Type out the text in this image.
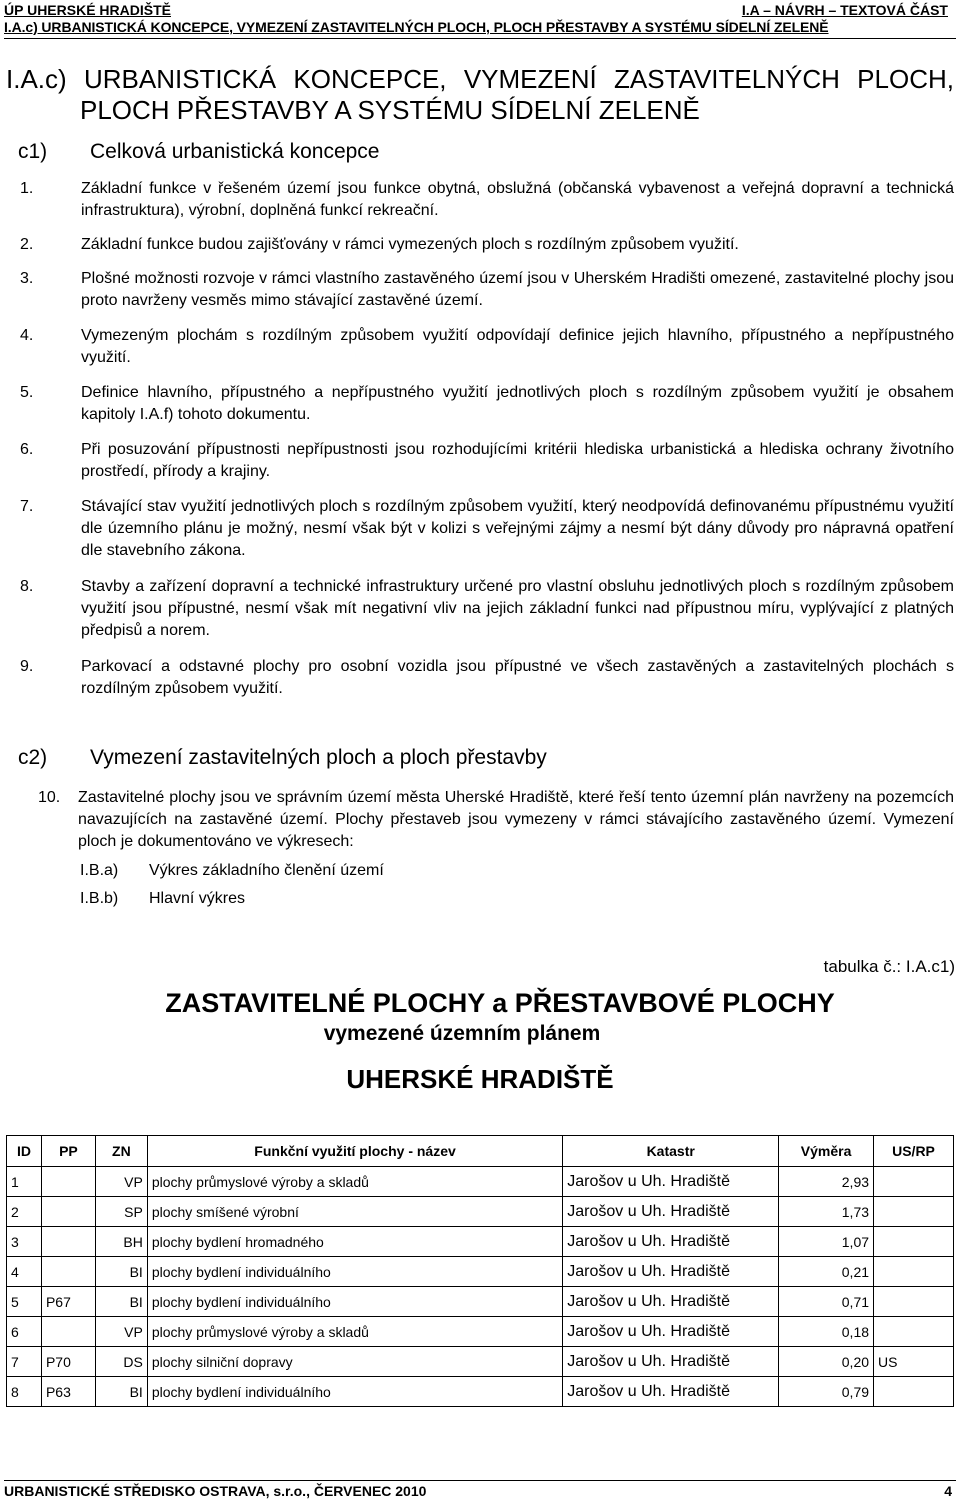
ÚP UHERSKÉ HRADIŠTĚ	I.A – NÁVRH – TEXTOVÁ ČÁST
I.A.c) URBANISTICKÁ KONCEPCE, VYMEZENÍ ZASTAVITELNÝCH PLOCH, PLOCH PŘESTAVBY A SYSTÉMU SÍDELNÍ ZELENĚ
I.A.c) URBANISTICKÁ KONCEPCE, VYMEZENÍ ZASTAVITELNÝCH PLOCH,
PLOCH PŘESTAVBY A SYSTÉMU SÍDELNÍ ZELENĚ
c1) Celková urbanistická koncepce
1.	Základní funkce v řešeném území jsou funkce obytná, obslužná (občanská vybavenost a veřejná dopravní a technická infrastruktura), výrobní, doplněná funkcí rekreační.
2.	Základní funkce budou zajišťovány v rámci vymezených ploch s rozdílným způsobem využití.
3.	Plošné možnosti rozvoje v rámci vlastního zastavěného území jsou v Uherském Hradišti omezené, zastavitelné plochy jsou proto navrženy vesměs mimo stávající zastavěné území.
4.	Vymezeným plochám s rozdílným způsobem využití odpovídají definice jejich hlavního, přípustného a nepřípustného využití.
5.	Definice hlavního, přípustného a nepřípustného využití jednotlivých ploch s rozdílným způsobem využití je obsahem kapitoly I.A.f) tohoto dokumentu.
6.	Při posuzování přípustnosti nepřípustnosti jsou rozhodujícími kritérii hlediska urbanistická a hlediska ochrany životního prostředí, přírody a krajiny.
7.	Stávající stav využití jednotlivých ploch s rozdílným způsobem využití, který neodpovídá definovanému přípustnému využití dle územního plánu je možný, nesmí však být v kolizi s veřejnými zájmy a nesmí být dány důvody pro nápravná opatření dle stavebního zákona.
8.	Stavby a zařízení dopravní a technické infrastruktury určené pro vlastní obsluhu jednotlivých ploch s rozdílným způsobem využití jsou přípustné, nesmí však mít negativní vliv na jejich základní funkci nad přípustnou míru, vyplývající z platných předpisů a norem.
9.	Parkovací a odstavné plochy pro osobní vozidla jsou přípustné ve všech zastavěných a zastavitelných plochách s rozdílným způsobem využití.
c2) Vymezení zastavitelných ploch a ploch přestavby
10.	Zastavitelné plochy jsou ve správním území města Uherské Hradiště, které řeší tento územní plán navrženy na pozemcích navazujících na zastavěné území. Plochy přestaveb jsou vymezeny v rámci stávajícího zastavěného území. Vymezení ploch je dokumentováno ve výkresech:
I.B.a) Výkres základního členění území
I.B.b) Hlavní výkres
tabulka č.: I.A.c1)
ZASTAVITELNÉ PLOCHY a PŘESTAVBOVÉ PLOCHY
vymezené územním plánem
UHERSKÉ HRADIŠTĚ
ID	PP	ZN	Funkční využití plochy - název	Katastr	Výměra	US/RP
1		VP	plochy průmyslové výroby a skladů	Jarošov u Uh. Hradiště	2,93	
2		SP	plochy smíšené výrobní	Jarošov u Uh. Hradiště	1,73	
3		BH	plochy bydlení hromadného	Jarošov u Uh. Hradiště	1,07	
4		BI	plochy bydlení individuálního	Jarošov u Uh. Hradiště	0,21	
5	P67	BI	plochy bydlení individuálního	Jarošov u Uh. Hradiště	0,71	
6		VP	plochy průmyslové výroby a skladů	Jarošov u Uh. Hradiště	0,18	
7	P70	DS	plochy silniční dopravy	Jarošov u Uh. Hradiště	0,20	US
8	P63	BI	plochy bydlení individuálního	Jarošov u Uh. Hradiště	0,79	
URBANISTICKÉ STŘEDISKO OSTRAVA, s.r.o., ČERVENEC 2010	4
